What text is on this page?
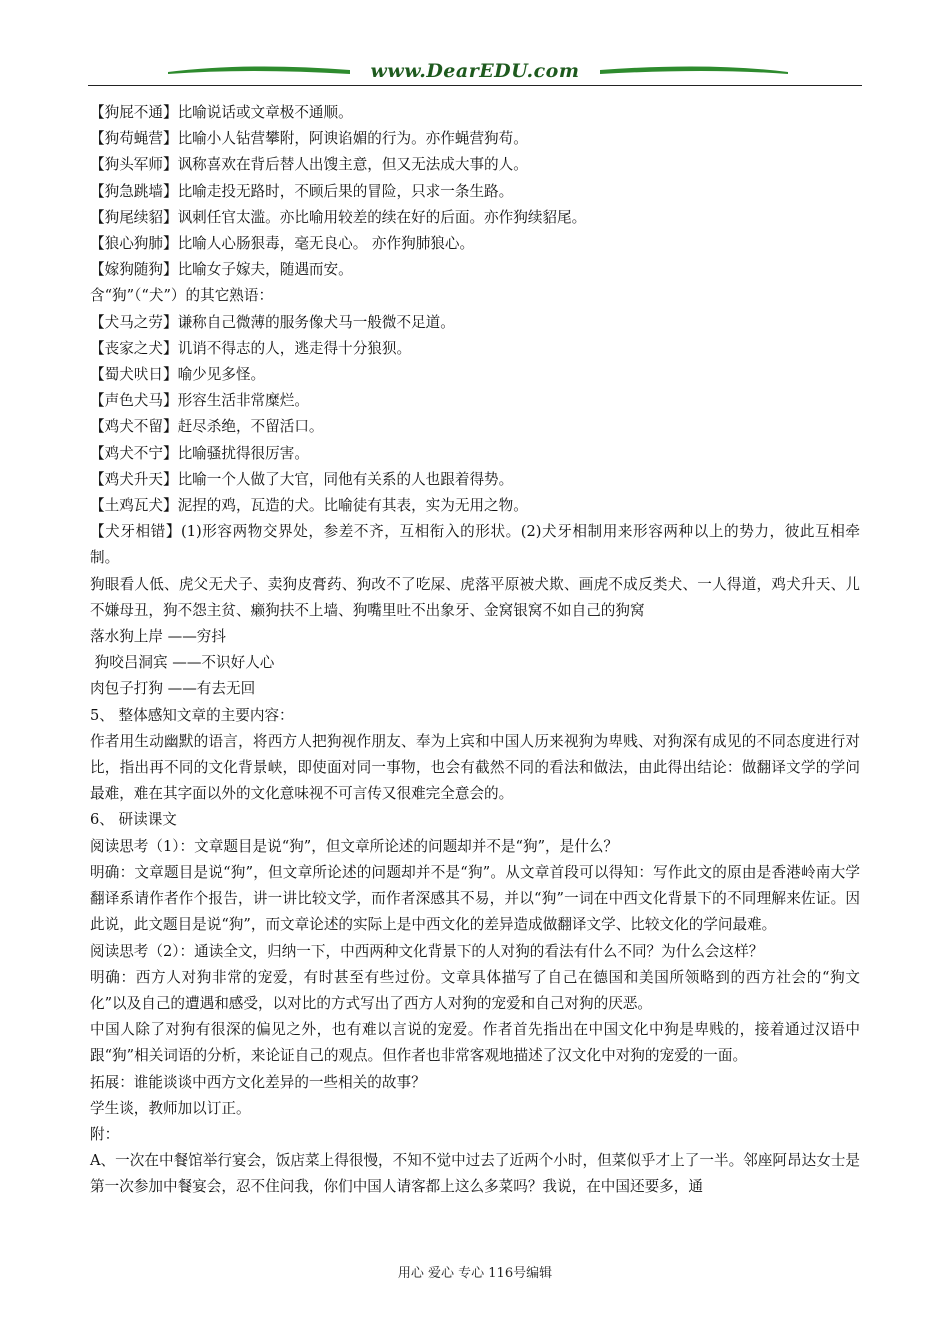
www.DearEDU.com

【狗屁不通】比喻说话或文章极不通顺。

【狗苟蝇营】比喻小人钻营攀附，阿谀谄媚的行为。亦作蝇营狗苟。

【狗头军师】讽称喜欢在背后替人出馊主意，但又无法成大事的人。

【狗急跳墙】比喻走投无路时，不顾后果的冒险，只求一条生路。

【狗尾续貂】讽刺任官太滥。亦比喻用较差的续在好的后面。亦作狗续貂尾。

【狼心狗肺】比喻人心肠狠毒，毫无良心。 亦作狗肺狼心。

【嫁狗随狗】比喻女子嫁夫，随遇而安。

含“狗”（“犬”）的其它熟语：

【犬马之劳】谦称自己微薄的服务像犬马一般微不足道。

【丧家之犬】讥诮不得志的人，逃走得十分狼狈。

【蜀犬吠日】喻少见多怪。

【声色犬马】形容生活非常糜烂。

【鸡犬不留】赶尽杀绝，不留活口。

【鸡犬不宁】比喻骚扰得很厉害。

【鸡犬升天】比喻一个人做了大官，同他有关系的人也跟着得势。

【土鸡瓦犬】泥捏的鸡，瓦造的犬。比喻徒有其表，实为无用之物。

【犬牙相错】(1)形容两物交界处，参差不齐，互相衔入的形状。(2)犬牙相制用来形容两种以上的势力，彼此互相牵制。

狗眼看人低、虎父无犬子、卖狗皮膏药、狗改不了吃屎、虎落平原被犬欺、画虎不成反类犬、一人得道，鸡犬升天、儿不嫌母丑，狗不怨主贫、癞狗扶不上墙、狗嘴里吐不出象牙、金窝银窝不如自己的狗窝

落水狗上岸 ——穷抖

狗咬吕洞宾 ——不识好人心

肉包子打狗 ——有去无回

5、 整体感知文章的主要内容：

作者用生动幽默的语言，将西方人把狗视作朋友、奉为上宾和中国人历来视狗为卑贱、对狗深有成见的不同态度进行对比，指出再不同的文化背景峡，即使面对同一事物，也会有截然不同的看法和做法，由此得出结论：做翻译文学的学问最难，难在其字面以外的文化意味视不可言传又很难完全意会的。

6、 研读课文

阅读思考（1）：文章题目是说“狗”，但文章所论述的问题却并不是“狗”，是什么？

明确：文章题目是说“狗”，但文章所论述的问题却并不是“狗”。从文章首段可以得知：写作此文的原由是香港岭南大学翻译系请作者作个报告，讲一讲比较文学，而作者深感其不易，并以“狗”一词在中西文化背景下的不同理解来佐证。因此说，此文题目是说“狗”，而文章论述的实际上是中西文化的差异造成做翻译文学、比较文化的学问最难。

阅读思考（2）：通读全文，归纳一下，中西两种文化背景下的人对狗的看法有什么不同？为什么会这样？

明确：西方人对狗非常的宠爱，有时甚至有些过份。文章具体描写了自己在德国和美国所领略到的西方社会的“狗文化”以及自己的遭遇和感受，以对比的方式写出了西方人对狗的宠爱和自己对狗的厌恶。

中国人除了对狗有很深的偏见之外，也有难以言说的宠爱。作者首先指出在中国文化中狗是卑贱的，接着通过汉语中跟“狗”相关词语的分析，来论证自己的观点。但作者也非常客观地描述了汉文化中对狗的宠爱的一面。

拓展：谁能谈谈中西方文化差异的一些相关的故事？

学生谈，教师加以订正。

附：

A、一次在中餐馆举行宴会，饭店菜上得很慢，不知不觉中过去了近两个小时，但菜似乎才上了一半。邻座阿昂达女士是第一次参加中餐宴会，忍不住问我，你们中国人请客都上这么多菜吗？我说，在中国还要多，通

用心 爱心 专心 116号编辑
